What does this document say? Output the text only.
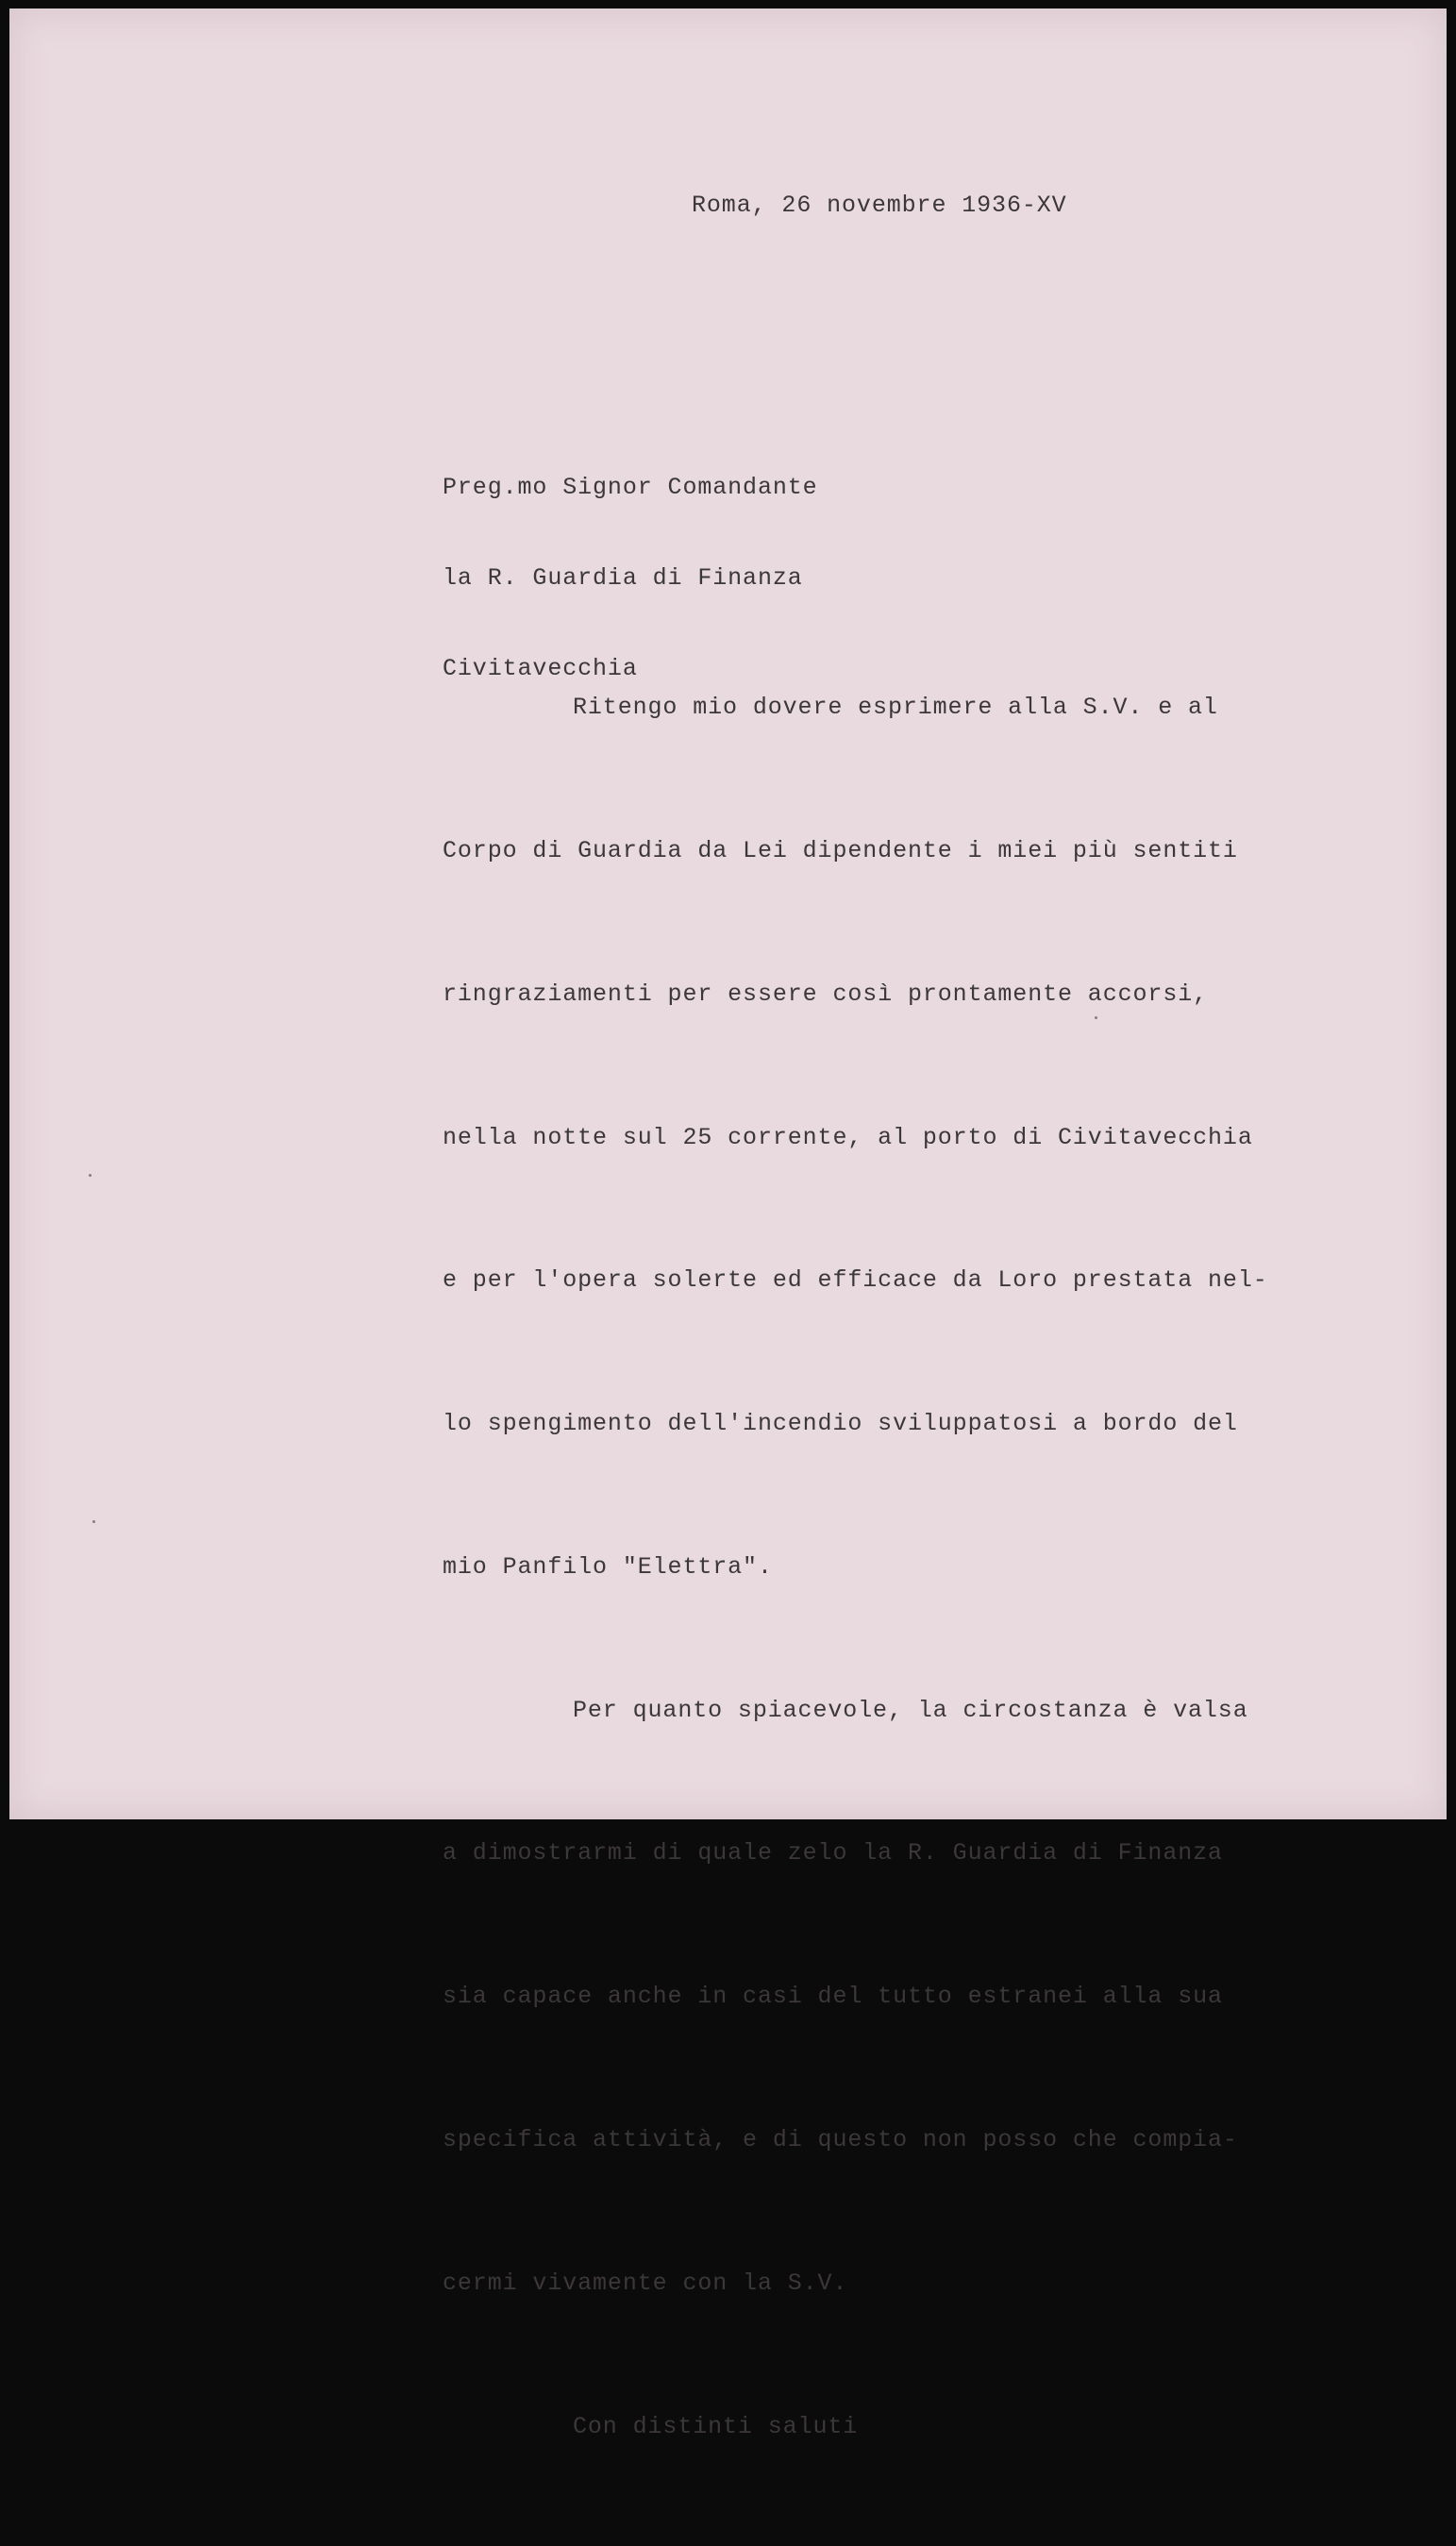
Roma, 26 novembre 1936-XV

Preg.mo Signor Comandante

la R. Guardia di Finanza

Civitavecchia

Ritengo mio dovere esprimere alla S.V. e al

Corpo di Guardia da Lei dipendente i miei più sentiti

ringraziamenti per essere così prontamente accorsi,

nella notte sul 25 corrente, al porto di Civitavecchia

e per l'opera solerte ed efficace da Loro prestata nel-

lo spengimento dell'incendio sviluppatosi a bordo del

mio Panfilo "Elettra".

Per quanto spiacevole, la circostanza è valsa

a dimostrarmi di quale zelo la R. Guardia di Finanza

sia capace anche in casi del tutto estranei alla sua

specifica attività, e di questo non posso che compia-

cermi vivamente con la S.V.

Con distinti saluti
